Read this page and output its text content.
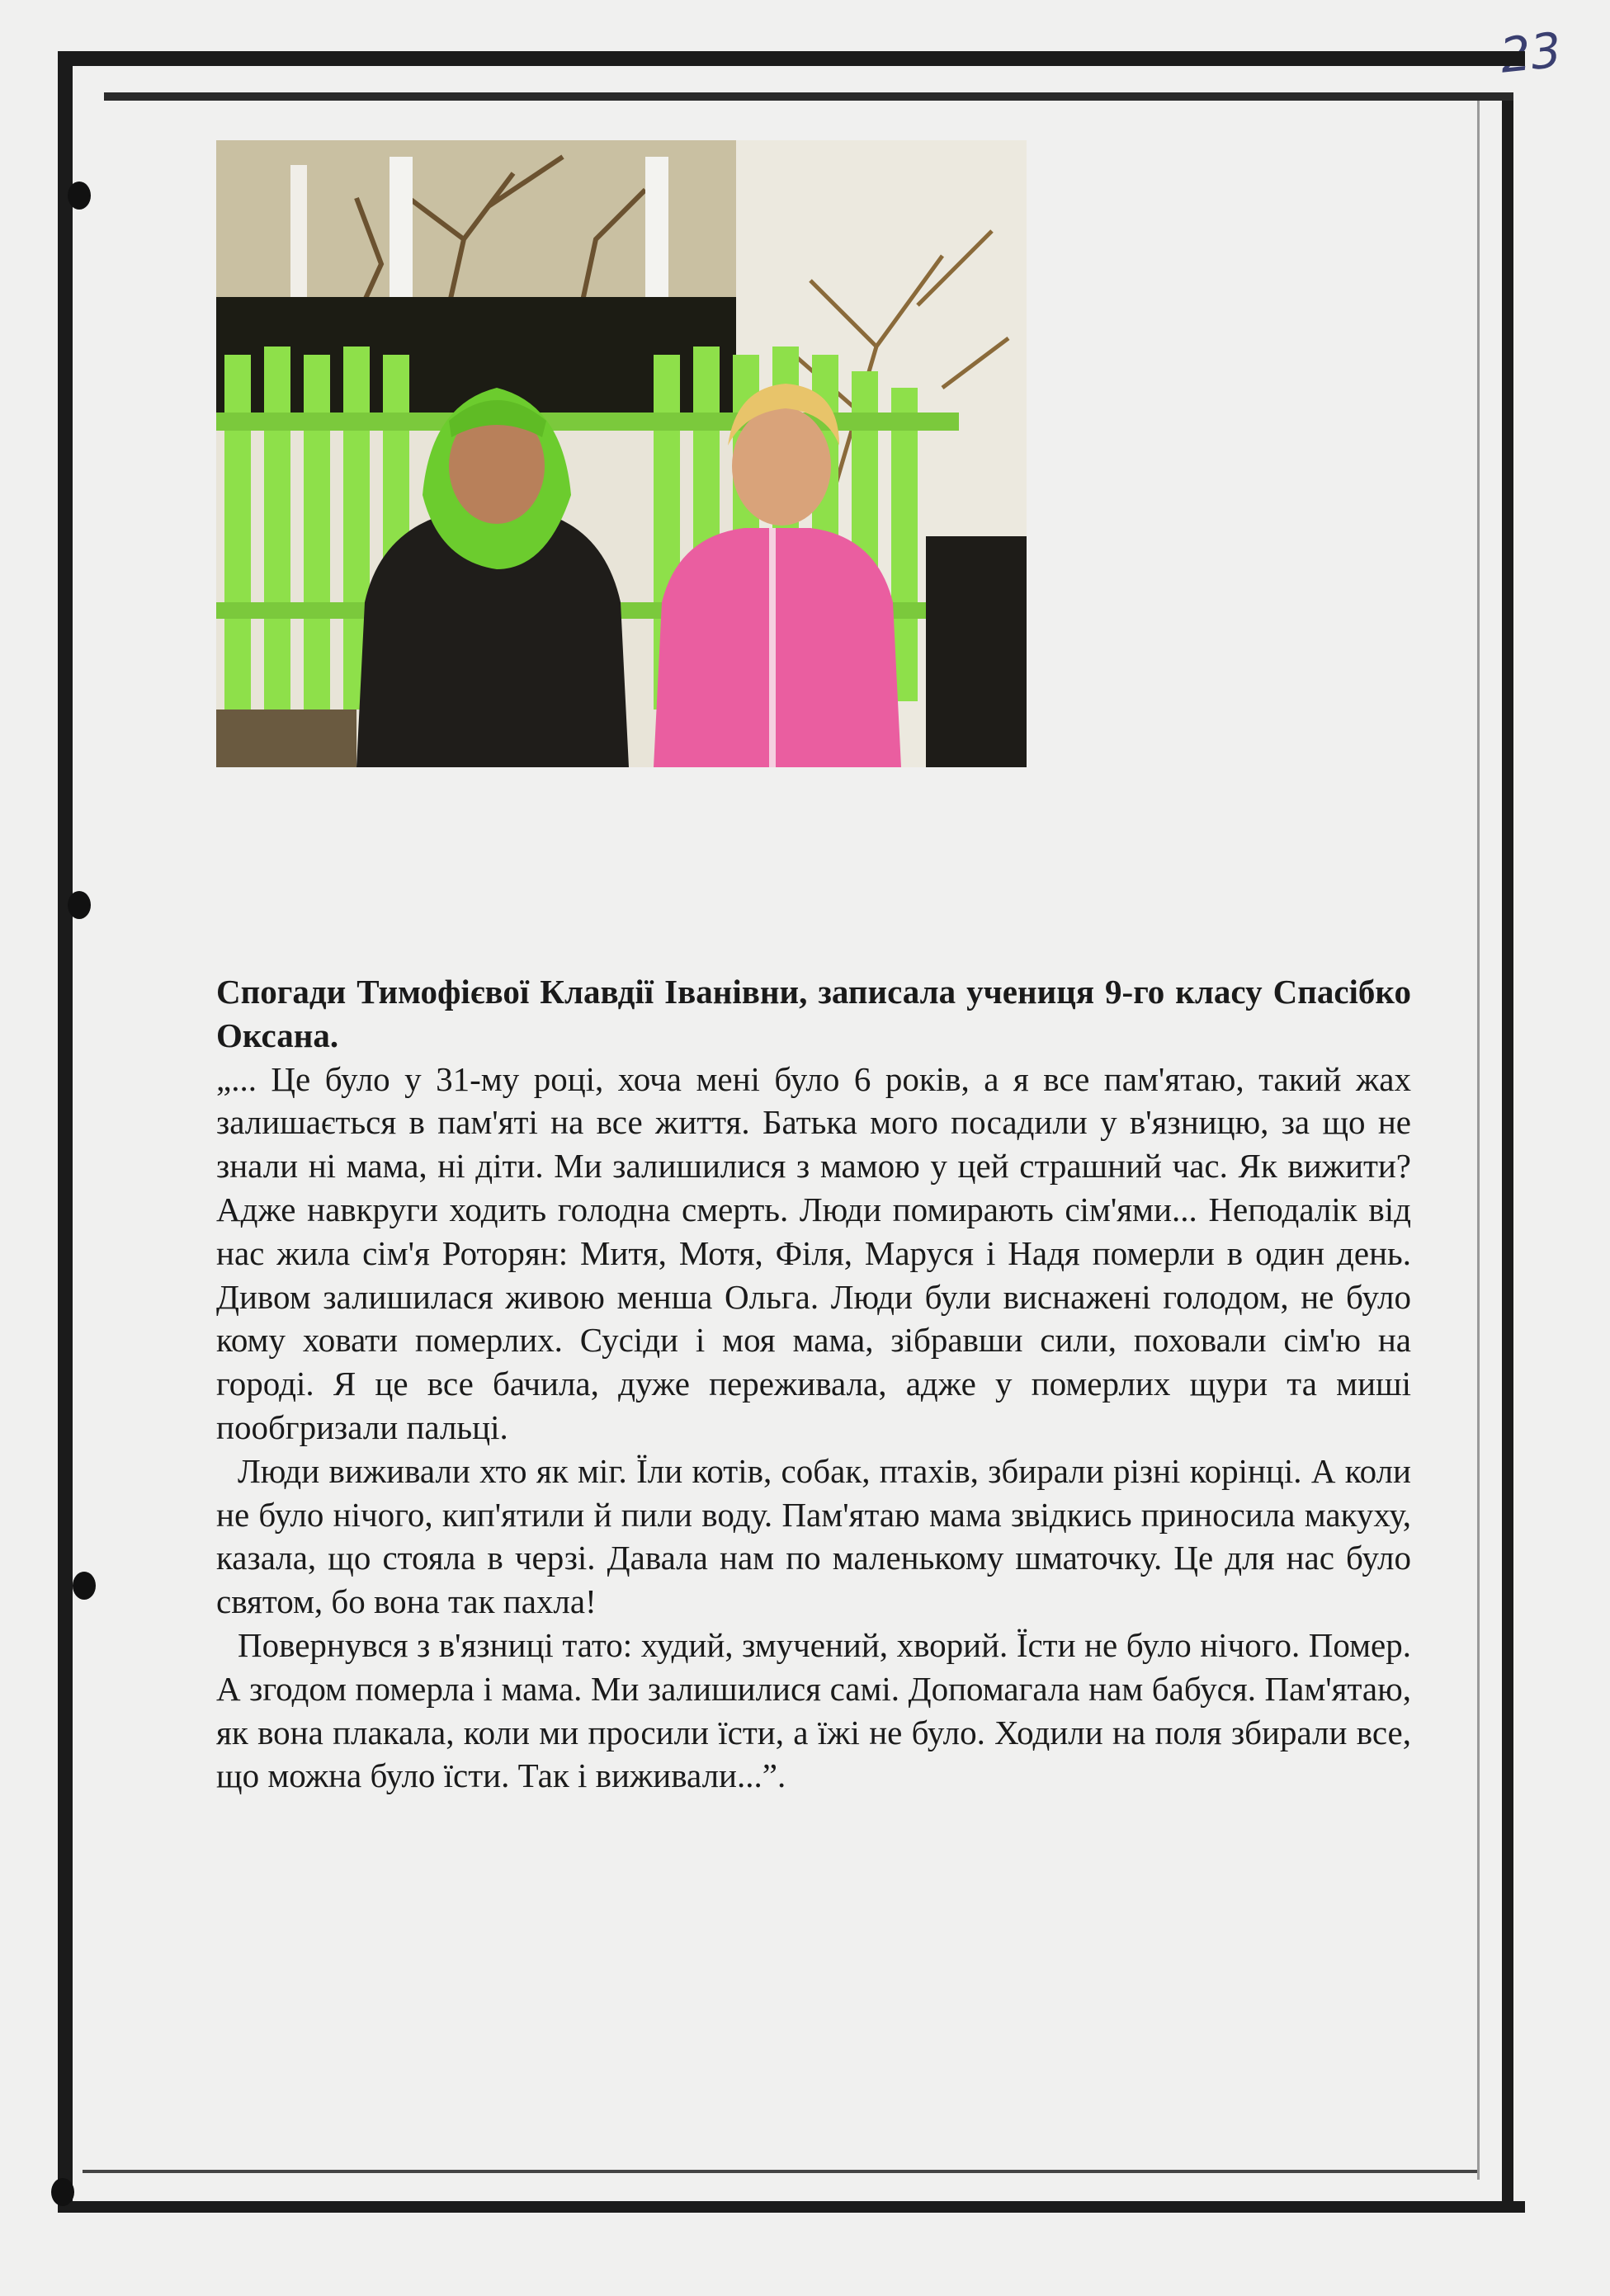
23

Спогади Тимофієвої Клавдії Іванівни, записала учениця 9-го класу Спасібко Оксана.

„... Це було у 31-му році, хоча мені було 6 років, а я все пам'ятаю, такий жах залишається в пам'яті на все життя. Батька мого посадили у в'язницю, за що не знали ні мама, ні діти. Ми залишилися з мамою у цей страшний час. Як вижити? Адже навкруги ходить голодна смерть. Люди помирають сім'ями... Неподалік від нас жила сім'я Роторян: Митя, Мотя, Філя, Маруся і Надя померли в один день. Дивом залишилася живою менша Ольга. Люди були виснажені голодом, не було кому ховати померлих. Сусіди і моя мама, зібравши сили, поховали сім'ю на городі. Я це все бачила, дуже переживала, адже у померлих щури та миші пообгризали пальці.

Люди виживали хто як міг. Їли котів, собак, птахів, збирали різні корінці. А коли не було нічого, кип'ятили й пили воду. Пам'ятаю мама звідкись приносила макуху, казала, що стояла в черзі. Давала нам по маленькому шматочку. Це для нас було святом, бо вона так пахла!

Повернувся з в'язниці тато: худий, змучений, хворий. Їсти не було нічого. Помер. А згодом померла і мама. Ми залишилися самі. Допомагала нам бабуся. Пам'ятаю, як вона плакала, коли ми просили їсти, а їжі не було. Ходили на поля збирали все, що можна було їсти. Так і виживали...”.
